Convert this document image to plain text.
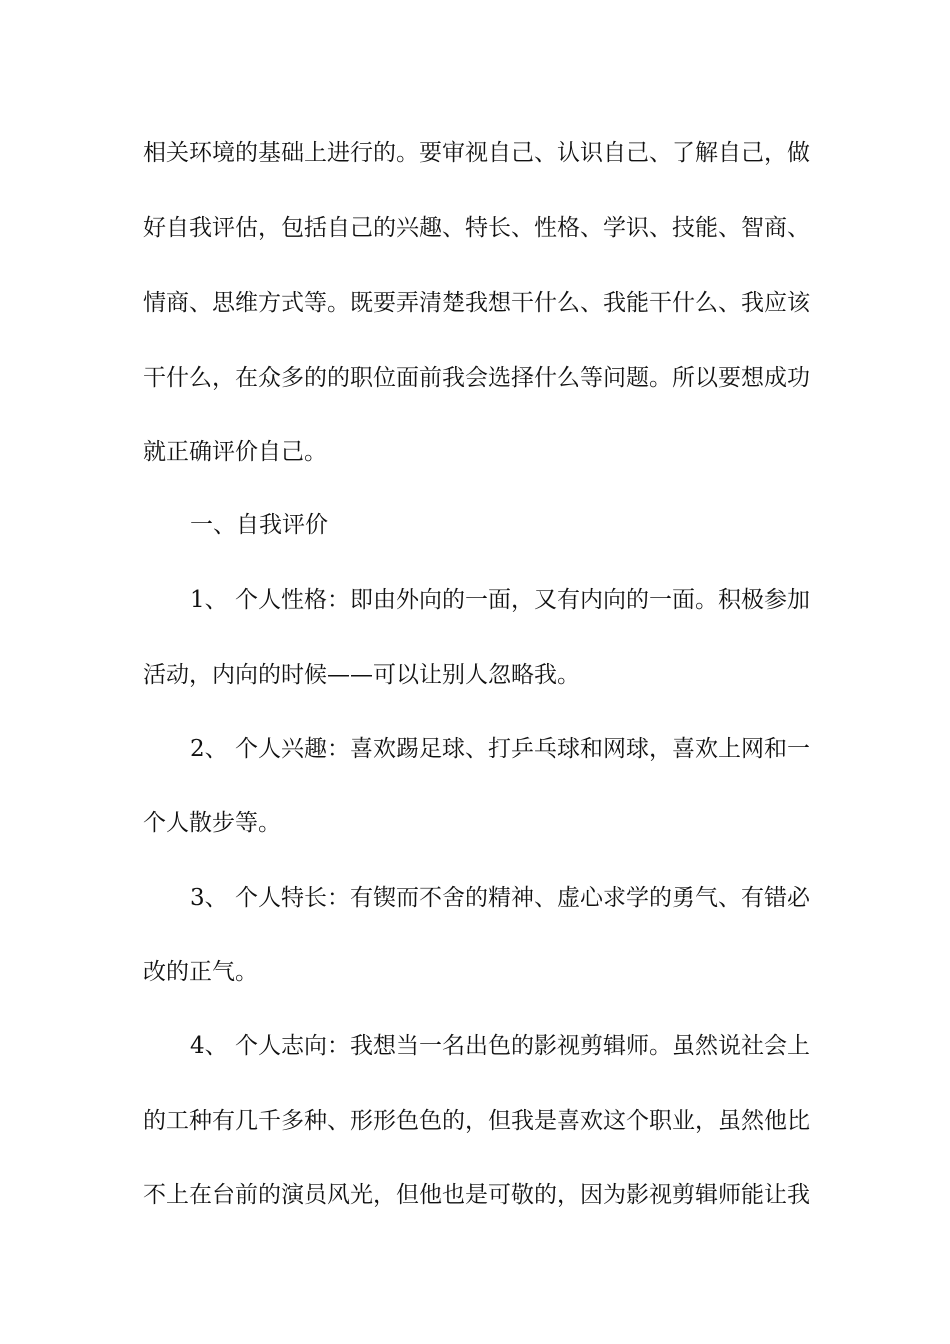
相关环境的基础上进行的。要审视自己、认识自己、了解自己，做
好自我评估，包括自己的兴趣、特长、性格、学识、技能、智商、
情商、思维方式等。既要弄清楚我想干什么、我能干什么、我应该
干什么，在众多的的职位面前我会选择什么等问题。所以要想成功
就正确评价自己。
一、自我评价
1、 个人性格：即由外向的一面，又有内向的一面。积极参加
活动，内向的时候——可以让别人忽略我。
2、 个人兴趣：喜欢踢足球、打乒乓球和网球，喜欢上网和一
个人散步等。
3、 个人特长：有锲而不舍的精神、虚心求学的勇气、有错必
改的正气。
4、 个人志向：我想当一名出色的影视剪辑师。虽然说社会上
的工种有几千多种、形形色色的，但我是喜欢这个职业，虽然他比
不上在台前的演员风光，但他也是可敬的，因为影视剪辑师能让我
